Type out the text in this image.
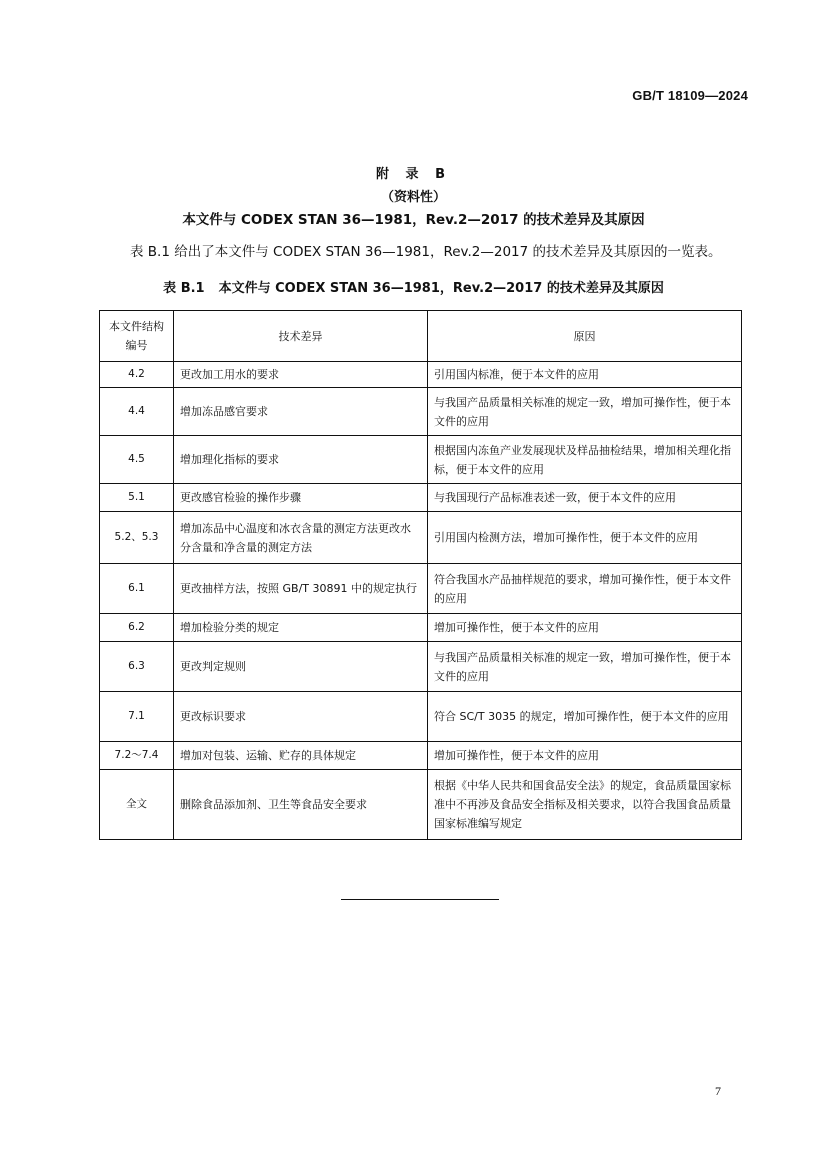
GB/T 18109—2024
附 录 B
（资料性）
本文件与 CODEX STAN 36—1981，Rev.2—2017 的技术差异及其原因
表 B.1 给出了本文件与 CODEX STAN 36—1981，Rev.2—2017 的技术差异及其原因的一览表。
表 B.1 本文件与 CODEX STAN 36—1981，Rev.2—2017 的技术差异及其原因
本文件结构编号	技术差异	原因
4.2	更改加工用水的要求	引用国内标准，便于本文件的应用
4.4	增加冻品感官要求	与我国产品质量相关标准的规定一致，增加可操作性，便于本文件的应用
4.5	增加理化指标的要求	根据国内冻鱼产业发展现状及样品抽检结果，增加相关理化指标，便于本文件的应用
5.1	更改感官检验的操作步骤	与我国现行产品标准表述一致，便于本文件的应用
5.2、5.3	增加冻品中心温度和冰衣含量的测定方法更改水分含量和净含量的测定方法	引用国内检测方法，增加可操作性，便于本文件的应用
6.1	更改抽样方法，按照 GB/T 30891 中的规定执行	符合我国水产品抽样规范的要求，增加可操作性，便于本文件的应用
6.2	增加检验分类的规定	增加可操作性，便于本文件的应用
6.3	更改判定规则	与我国产品质量相关标准的规定一致，增加可操作性，便于本文件的应用
7.1	更改标识要求	符合 SC/T 3035 的规定，增加可操作性，便于本文件的应用
7.2～7.4	增加对包装、运输、贮存的具体规定	增加可操作性，便于本文件的应用
全文	删除食品添加剂、卫生等食品安全要求	根据《中华人民共和国食品安全法》的规定，食品质量国家标准中不再涉及食品安全指标及相关要求，以符合我国食品质量国家标准编写规定
7
